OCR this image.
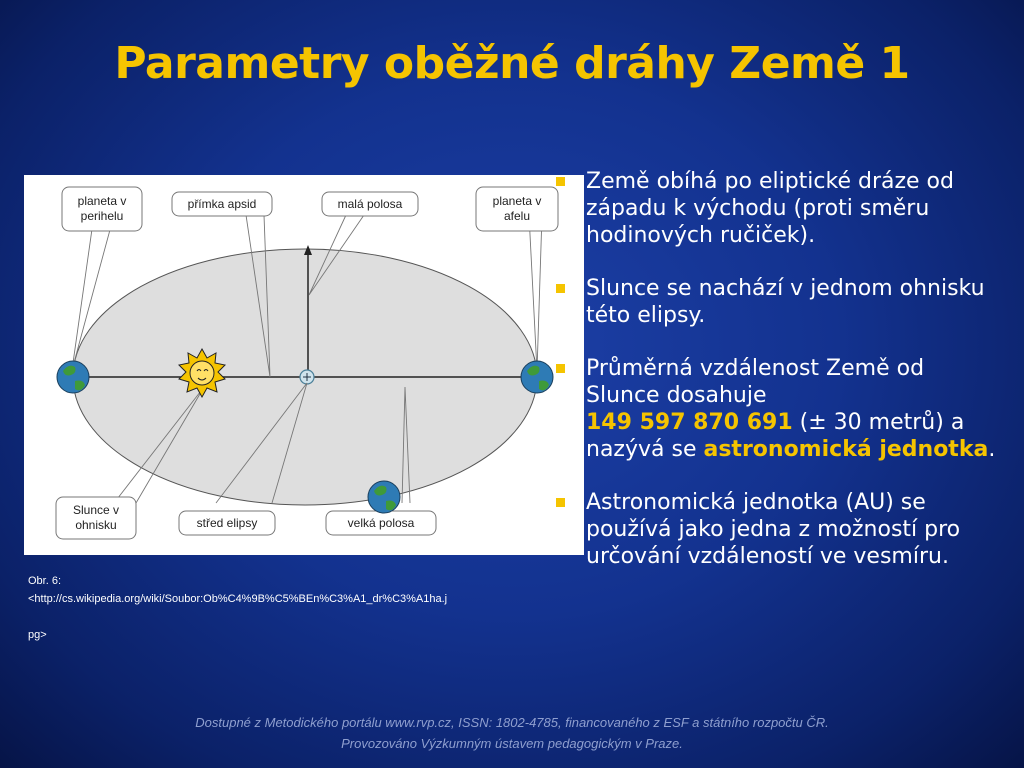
Parametry oběžné dráhy Země 1
planeta v
perihelu
přímka apsid	malá polosa	planeta v
afelu
Slunce v
ohnisku	střed elipsy	velká polosa
Obr. 6:
<http://cs.wikipedia.org/wiki/Soubor:Ob%C4%9B%C5%BEn%C3%A1_dr%C3%A1ha.j
pg>
Země obíhá po eliptické dráze od západu k východu (proti směru hodinových ručiček).
Slunce se nachází v jednom ohnisku této elipsy.
Průměrná vzdálenost Země od Slunce dosahuje
149 597 870 691 (± 30 metrů) a nazývá se astronomická jednotka.
Astronomická jednotka (AU) se používá jako jedna z možností pro určování vzdáleností ve vesmíru.
Dostupné z Metodického portálu www.rvp.cz, ISSN: 1802-4785, financovaného z ESF a státního rozpočtu ČR.
Provozováno Výzkumným ústavem pedagogickým v Praze.
